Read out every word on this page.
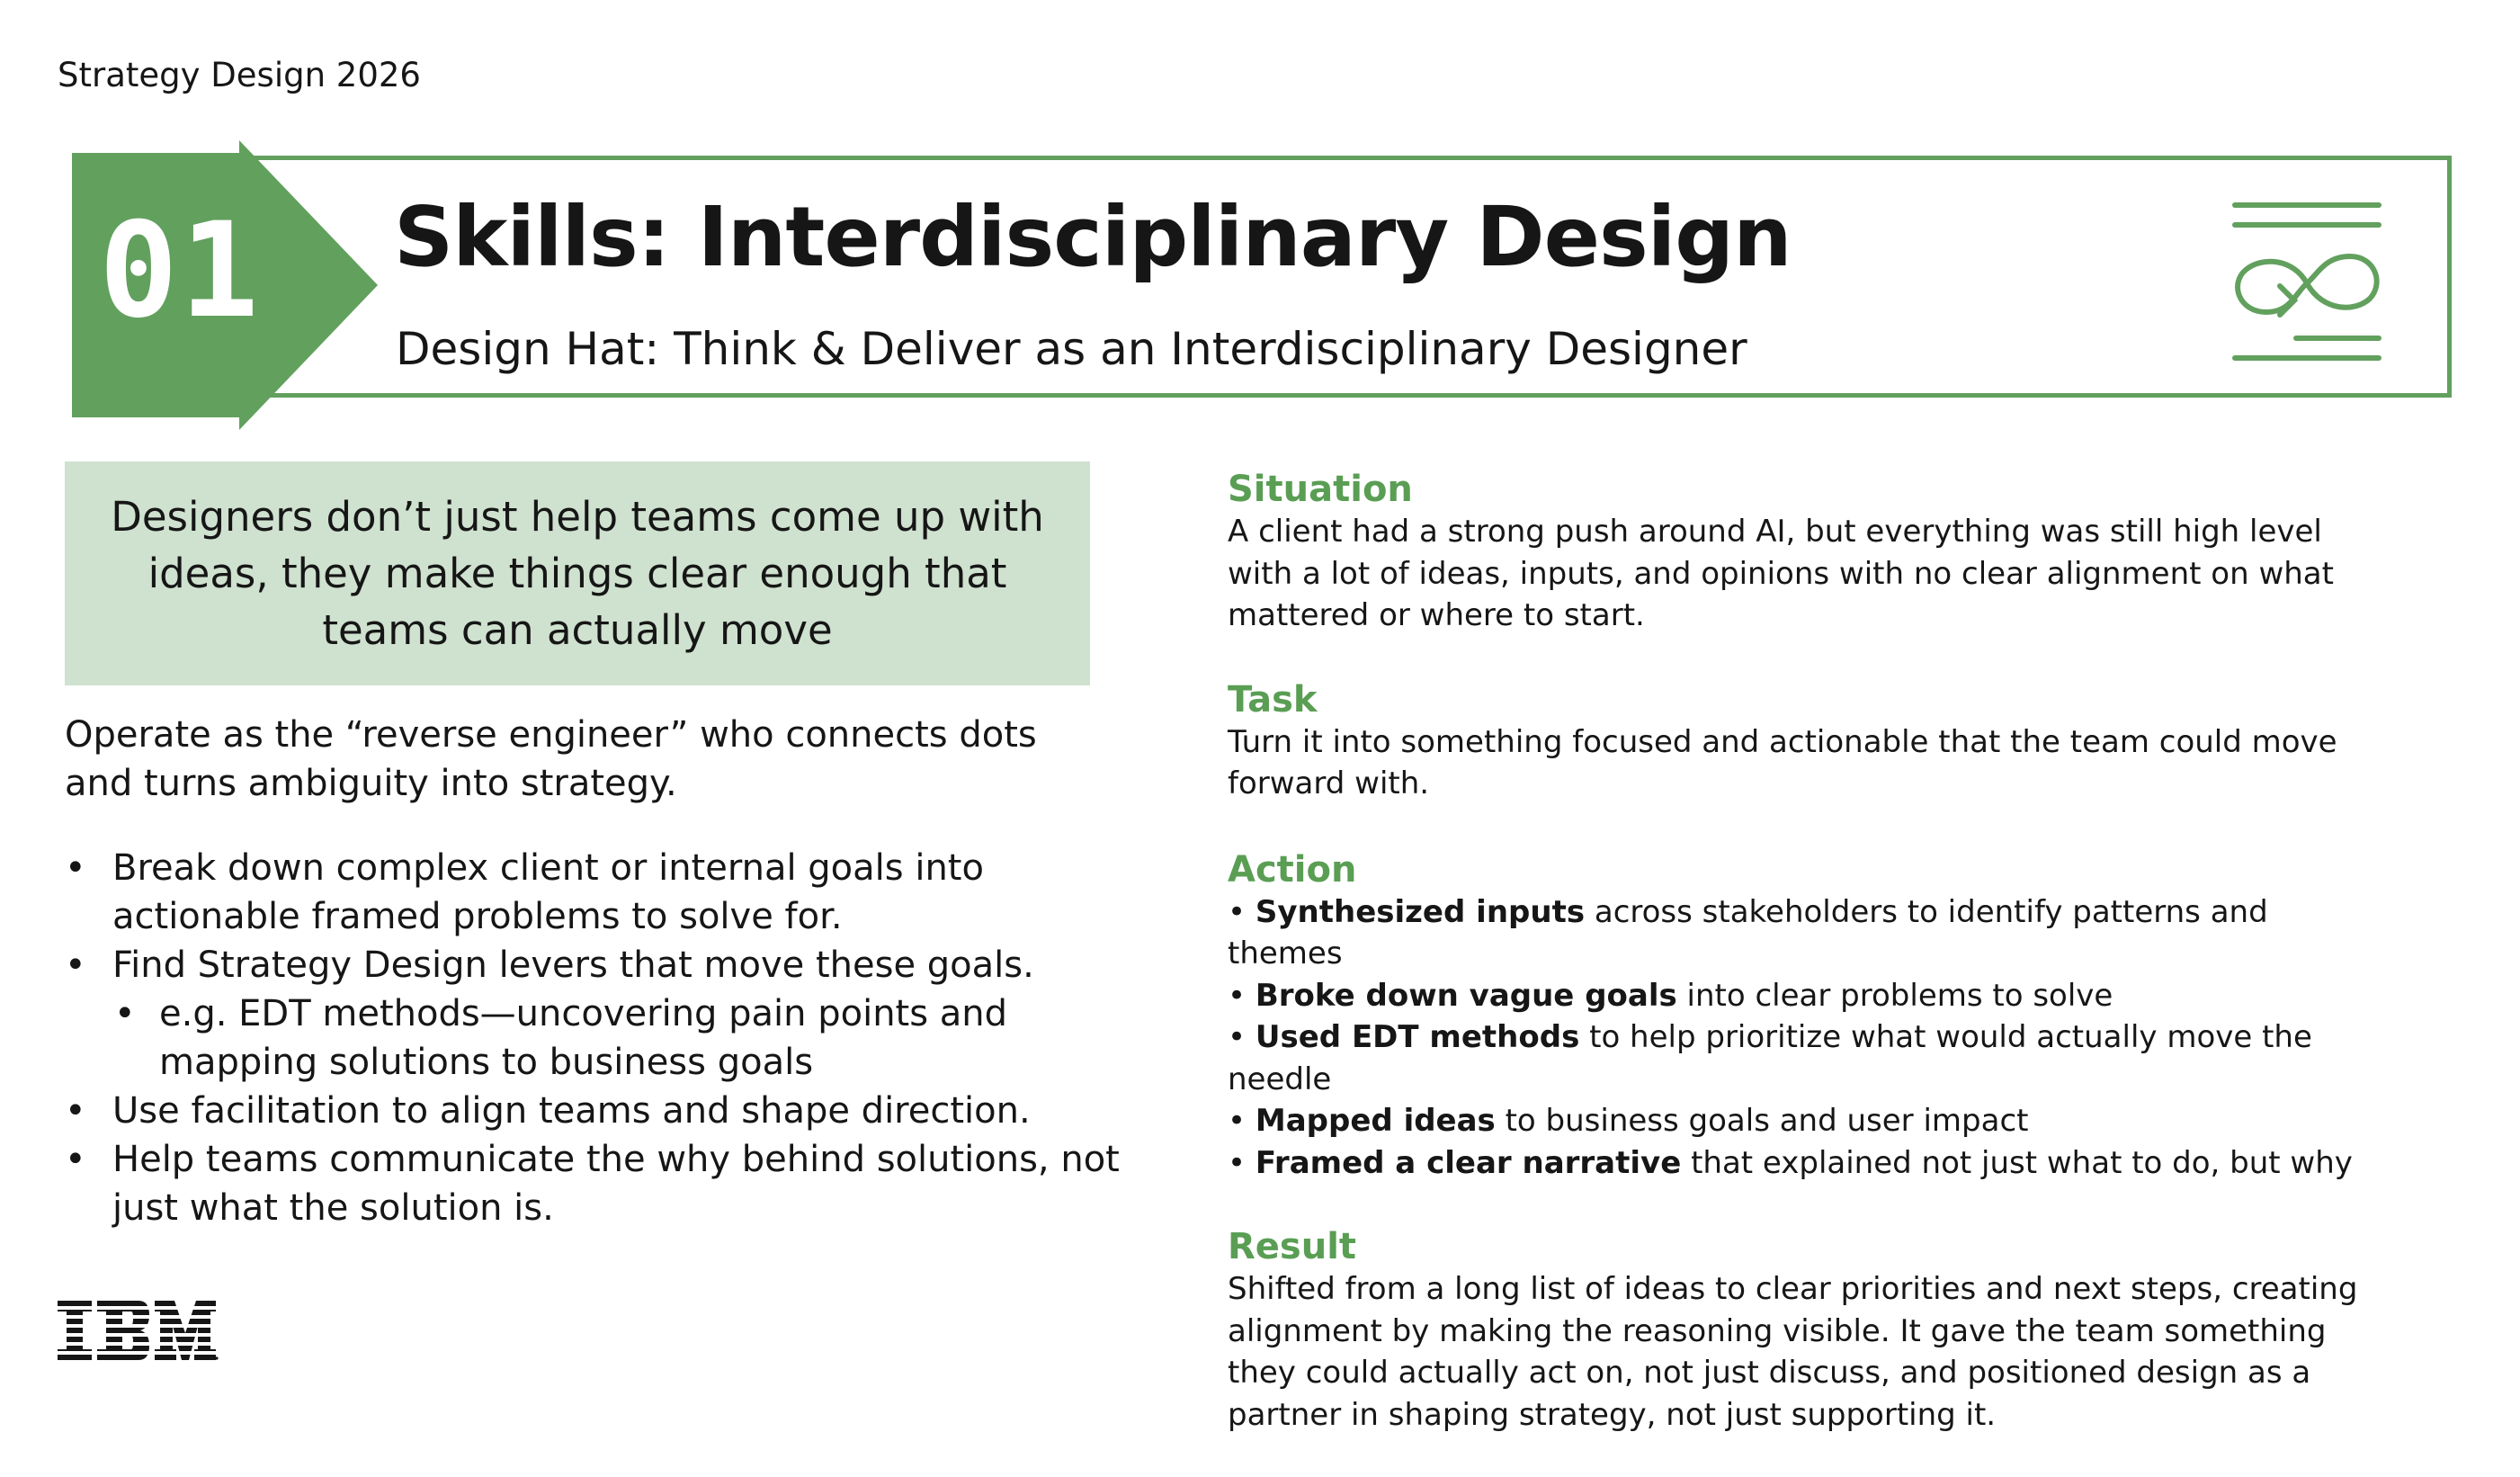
Strategy Design 2026
01 Skills: Interdisciplinary Design
Design Hat: Think & Deliver as an Interdisciplinary Designer
Designers don’t just help teams come up with ideas, they make things clear enough that teams can actually move
Operate as the “reverse engineer” who connects dots and turns ambiguity into strategy.
• Break down complex client or internal goals into actionable framed problems to solve for.
• Find Strategy Design levers that move these goals.
• e.g. EDT methods—uncovering pain points and mapping solutions to business goals
• Use facilitation to align teams and shape direction.
• Help teams communicate the why behind solutions, not just what the solution is.
Situation
A client had a strong push around AI, but everything was still high level with a lot of ideas, inputs, and opinions with no clear alignment on what mattered or where to start.
Task
Turn it into something focused and actionable that the team could move forward with.
Action
• Synthesized inputs across stakeholders to identify patterns and themes
• Broke down vague goals into clear problems to solve
• Used EDT methods to help prioritize what would actually move the needle
• Mapped ideas to business goals and user impact
• Framed a clear narrative that explained not just what to do, but why
Result
Shifted from a long list of ideas to clear priorities and next steps, creating alignment by making the reasoning visible. It gave the team something they could actually act on, not just discuss, and positioned design as a partner in shaping strategy, not just supporting it.
